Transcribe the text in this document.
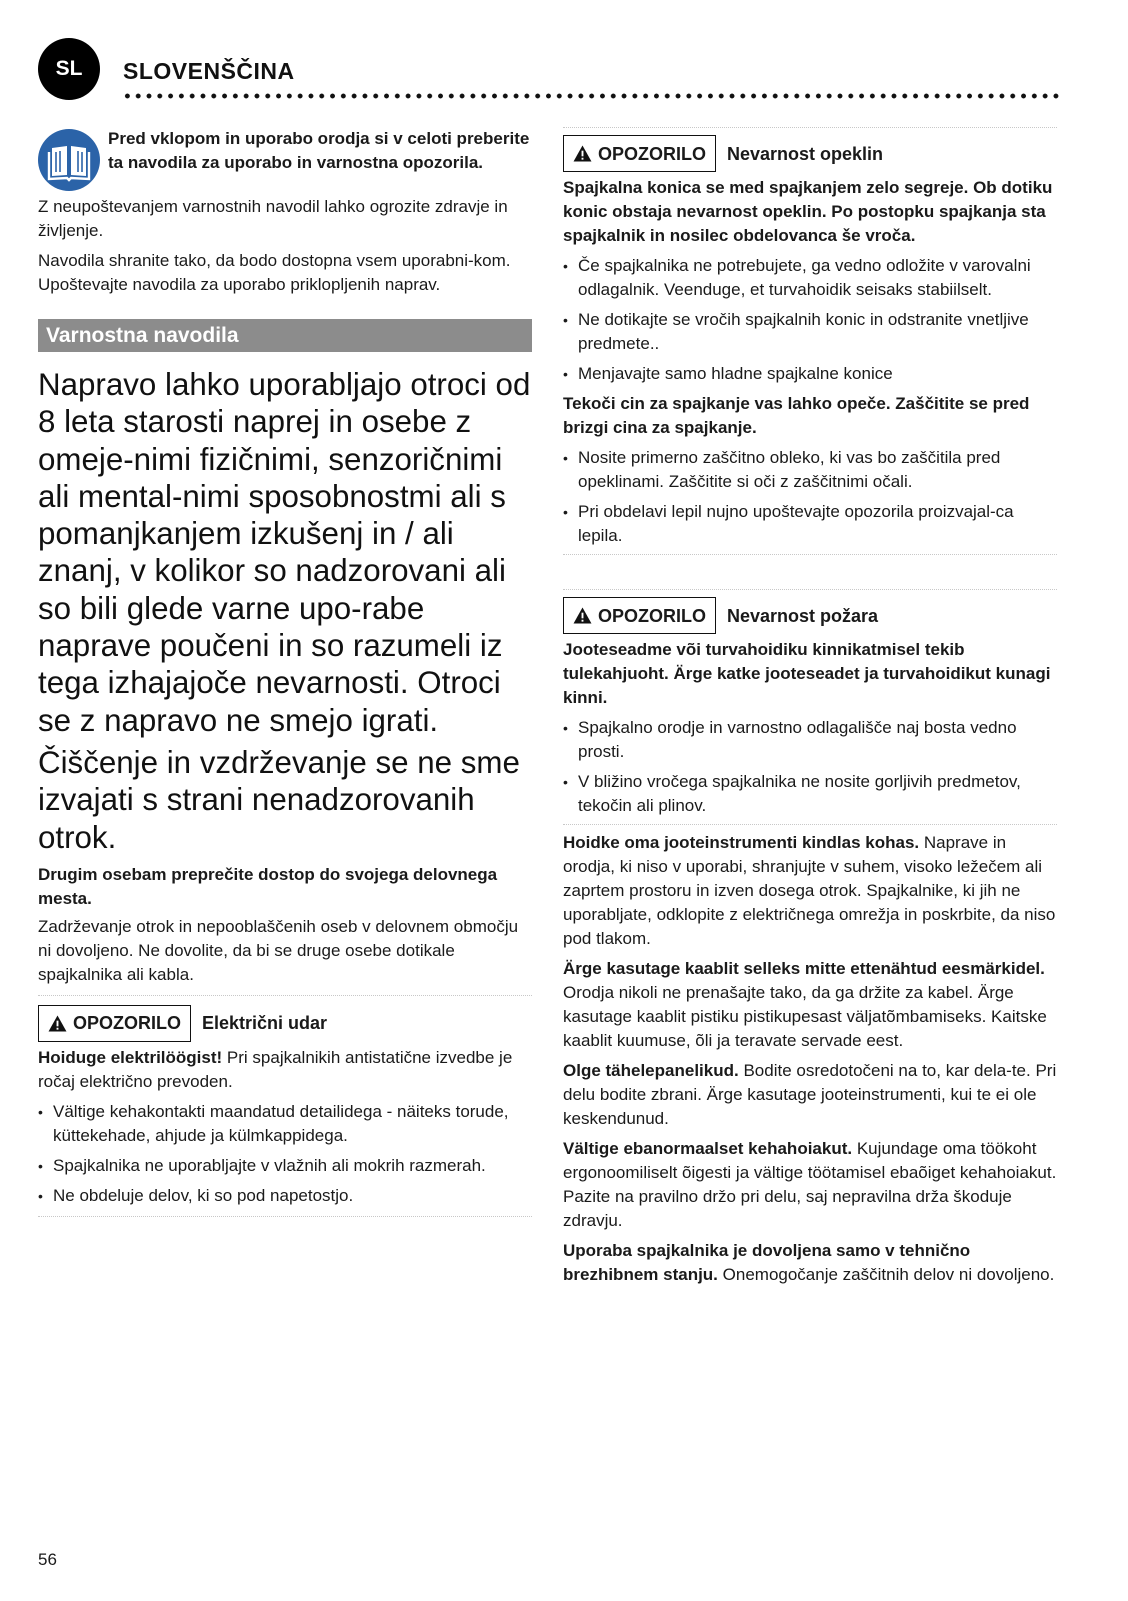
SL	SLOVENŠČINA
Pred vklopom in uporabo orodja si v celoti preberite ta navodila za uporabo in varnostna opozorila.

Z neupoštevanjem varnostnih navodil lahko ogrozite zdravje in življenje.

Navodila shranite tako, da bodo dostopna vsem uporabni-kom. Upoštevajte navodila za uporabo priklopljenih naprav.

Varnostna navodila
Napravo lahko uporabljajo otroci od 8 leta starosti naprej in osebe z omeje-nimi fizičnimi, senzoričnimi ali mental-nimi sposobnostmi ali s pomanjkanjem izkušenj in / ali znanj, v kolikor so nadzorovani ali so bili glede varne upo-rabe naprave poučeni in so razumeli iz tega izhajajoče nevarnosti. Otroci se z napravo ne smejo igrati.
Čiščenje in vzdrževanje se ne sme izvajati s strani nenadzorovanih otrok.

Drugim osebam preprečite dostop do svojega delovnega mesta.

Zadrževanje otrok in nepooblaščenih oseb v delovnem območju ni dovoljeno. Ne dovolite, da bi se druge osebe dotikale spajkalnika ali kabla.

OPOZORILO Električni udar

Hoiduge elektrilöögist! Pri spajkalnikih antistatične izvedbe je ročaj električno prevoden.

• Vältige kehakontakti maandatud detailidega - näiteks torude, küttekehade, ahjude ja külmkappidega.
• Spajkalnika ne uporabljajte v vlažnih ali mokrih razmerah.
• Ne obdeluje delov, ki so pod napetostjo.
OPOZORILO Nevarnost opeklin

Spajkalna konica se med spajkanjem zelo segreje. Ob dotiku konic obstaja nevarnost opeklin. Po postopku spajkanja sta spajkalnik in nosilec obdelovanca še vroča.

• Če spajkalnika ne potrebujete, ga vedno odložite v varovalni odlagalnik. Veenduge, et turvahoidik seisaks stabiilselt.
• Ne dotikajte se vročih spajkalnih konic in odstranite vnetljive predmete..
• Menjavajte samo hladne spajkalne konice

Tekoči cin za spajkanje vas lahko opeče. Zaščitite se pred brizgi cina za spajkanje.

• Nosite primerno zaščitno obleko, ki vas bo zaščitila pred opeklinami. Zaščitite si oči z zaščitnimi očali.
• Pri obdelavi lepil nujno upoštevajte opozorila proizvajal-ca lepila.
OPOZORILO Nevarnost požara

Jooteseadme või turvahoidiku kinnikatmisel tekib tulekahjuoht. Ärge katke jooteseadet ja turvahoidikut kunagi kinni.

• Spajkalno orodje in varnostno odlagališče naj bosta vedno prosti.
• V bližino vročega spajkalnika ne nosite gorljivih predmetov, tekočin ali plinov.

Hoidke oma jooteinstrumenti kindlas kohas. Naprave in orodja, ki niso v uporabi, shranjujte v suhem, visoko ležečem ali zaprtem prostoru in izven dosega otrok. Spajkalnike, ki jih ne uporabljate, odklopite z električnega omrežja in poskrbite, da niso pod tlakom.

Ärge kasutage kaablit selleks mitte ettenähtud eesmärkidel. Orodja nikoli ne prenašajte tako, da ga držite za kabel. Ärge kasutage kaablit pistiku pistikupesast väljatõmbamiseks. Kaitske kaablit kuumuse, õli ja teravate servade eest.

Olge tähelepanelikud. Bodite osredotočeni na to, kar dela-te. Pri delu bodite zbrani. Ärge kasutage jooteinstrumenti, kui te ei ole keskendunud.

Vältige ebanormaalset kehahoiakut. Kujundage oma töökoht ergonoomiliselt õigesti ja vältige töötamisel ebaõiget kehahoiakut. Pazite na pravilno držo pri delu, saj nepravilna drža škoduje zdravju.

Uporaba spajkalnika je dovoljena samo v tehnično brezhibnem stanju. Onemogočanje zaščitnih delov ni dovoljeno.

56
